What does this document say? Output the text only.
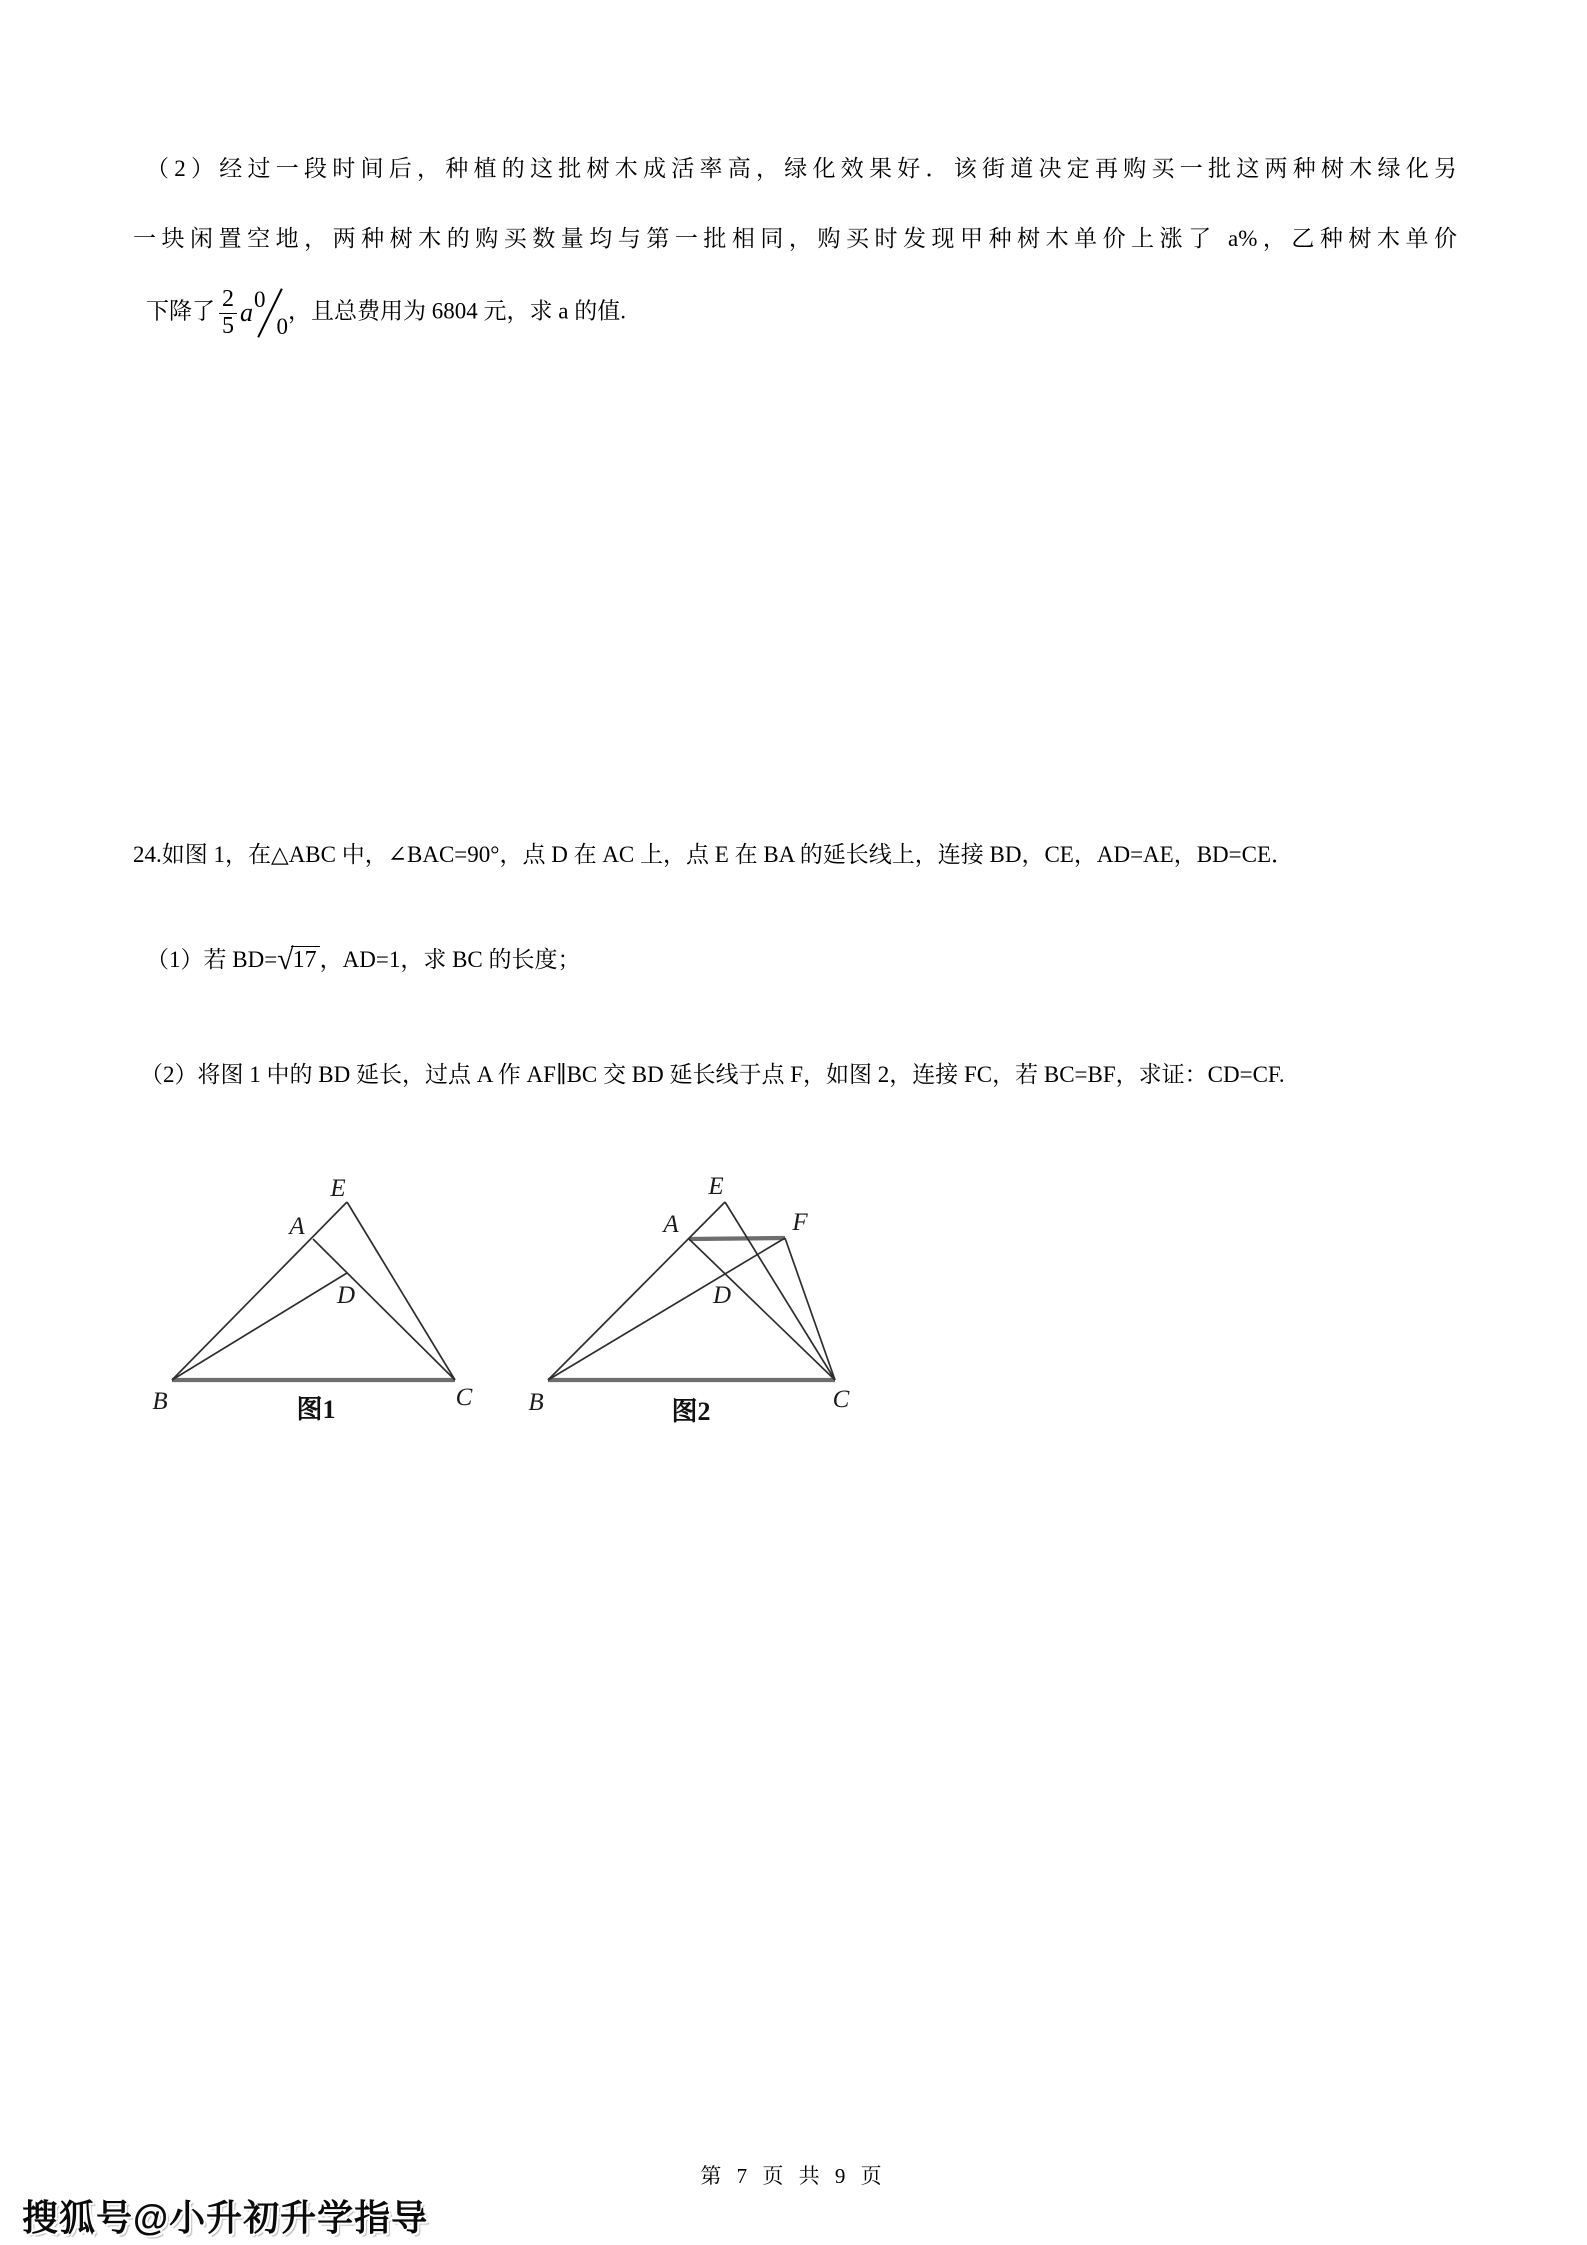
（2）经过一段时间后，种植的这批树木成活率高，绿化效果好．该街道决定再购买一批这两种树木绿化另
一块闲置空地，两种树木的购买数量均与第一批相同，购买时发现甲种树木单价上涨了 a%，乙种树木单价
下降了 $\frac{2}{5}$ a 0
0
，且总费用为 6804 元，求 a 的值.
24.如图 1，在△ABC 中，∠BAC=90°，点 D 在 AC 上，点 E 在 BA 的延长线上，连接 BD，CE，AD=AE，BD=CE．
（1）若 BD=√17 ，AD=1，求 BC 的长度；
（2）将图 1 中的 BD 延长，过点 A 作 AF∥BC 交 BD 延长线于点 F，如图 2，连接 FC，若 BC=BF，求证：CD=CF.
E
A
D
B	C
图1
E
A	F
D
B	C
图2
第 7 页 共 9 页
搜狐号@小升初升学指导
